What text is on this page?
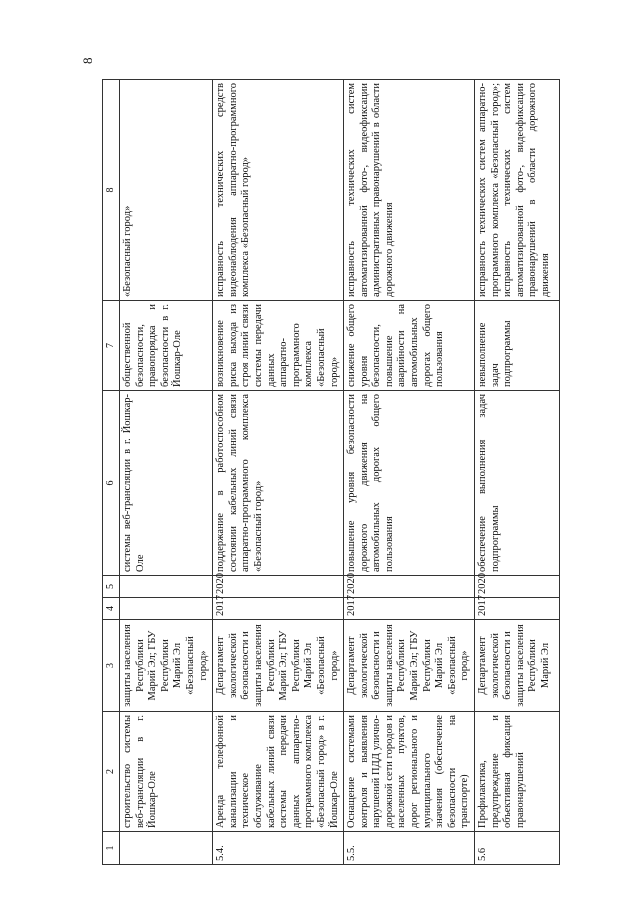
8
1	2	3	4	5	6	7	8
	строительство системы веб-трансляции в г. Йошкар-Оле	защиты населения Республики Марий Эл; ГБУ Республики Марий Эл «Безопасный город»			системы веб-трансляции в г. Йошкар-Оле	общественной безопасности, правопорядка и безопасности в г. Йошкар-Оле	«Безопасный город»
5.4.	Аренда телефонной канализации и техническое обслуживание кабельных линий связи системы передачи данных аппаратно-программного комплекса «Безопасный город» в г. Йошкар-Оле	Департамент экологической безопасности и защиты населения Республики Марий Эл; ГБУ Республики Марий Эл «Безопасный город»	2017	2020	поддержание в работоспособном состоянии кабельных линий связи аппаратно-программного комплекса «Безопасный город»	возникновение риска выхода из строя линий связи системы передачи данных аппаратно-программного комплекса «Безопасный город»	исправность технических средств видеонаблюдения аппаратно-программного комплекса «Безопасный город»
5.5.	Оснащение системами контроля и выявления нарушений ПДД улично-дорожной сети городов и населенных пунктов, дорог регионального и муниципального значения (обеспечение безопасности на транспорте)	Департамент экологической безопасности и защиты населения Республики Марий Эл; ГБУ Республики Марий Эл «Безопасный город»	2017	2020	повышение уровня безопасности дорожного движения на автомобильных дорогах общего пользования	снижение общего уровня безопасности, повышение аварийности на автомобильных дорогах общего пользования	исправность технических систем автоматизированной фото-, видеофиксации административных правонарушений в области дорожного движения
5.6	Профилактика, предупреждение и объективная фиксация правонарушений	Департамент экологической безопасности и защиты населения Республики Марий Эл	2017	2020	обеспечение выполнения задач подпрограммы	невыполнение задач подпрограммы	исправность технических систем аппаратно-программного комплекса «Безопасный город»; исправность технических систем автоматизированной фото-, видеофиксации правонарушений в области дорожного движения
